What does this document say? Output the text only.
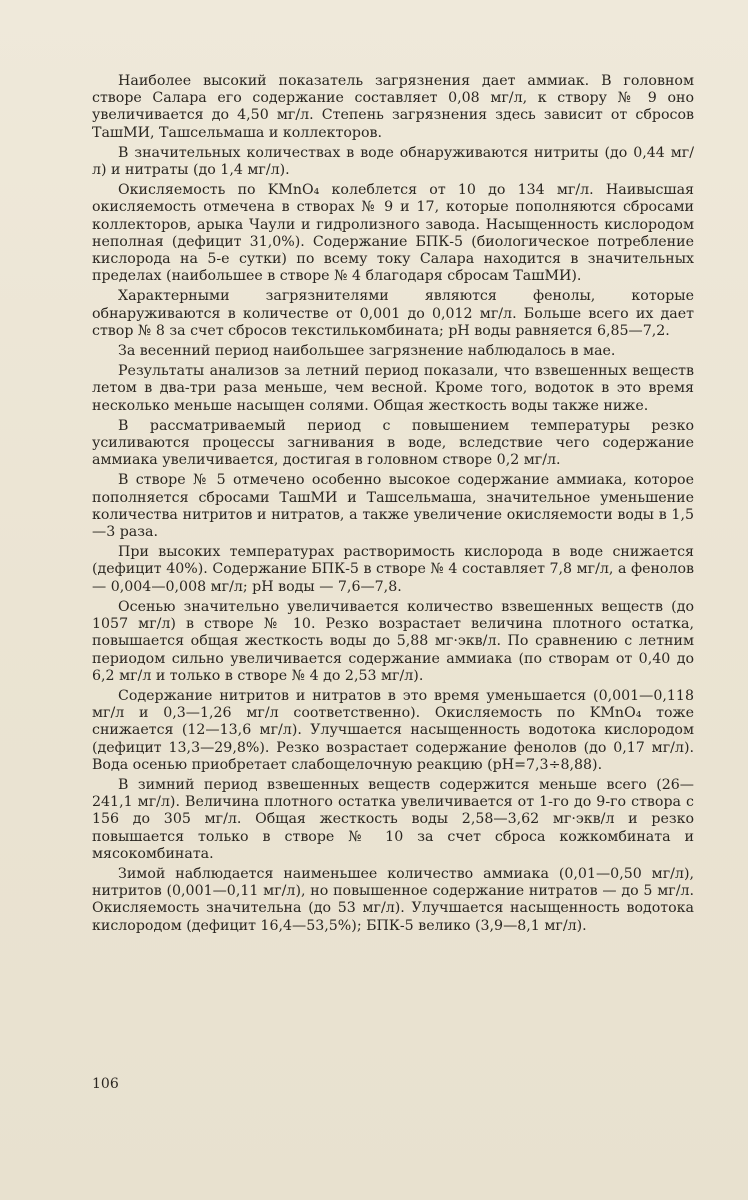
Наиболее высокий показатель загрязнения дает аммиак. В головном створе Салара его содержание составляет 0,08 мг/л, к створу № 9 оно увеличивается до 4,50 мг/л. Степень загрязнения здесь зависит от сбросов ТашМИ, Ташсельмаша и коллекторов.

В значительных количествах в воде обнаруживаются нитриты (до 0,44 мг/л) и нитраты (до 1,4 мг/л).

Окисляемость по KMnO₄ колеблется от 10 до 134 мг/л. Наивысшая окисляемость отмечена в створах № 9 и 17, которые пополняются сбросами коллекторов, арыка Чаули и гидролизного завода. Насыщенность кислородом неполная (дефицит 31,0%). Содержание БПК-5 (биологическое потребление кислорода на 5-е сутки) по всему току Салара находится в значительных пределах (наибольшее в створе № 4 благодаря сбросам ТашМИ).

Характерными загрязнителями являются фенолы, которые обнаруживаются в количестве от 0,001 до 0,012 мг/л. Больше всего их дает створ № 8 за счет сбросов текстилькомбината; pH воды равняется 6,85—7,2.

За весенний период наибольшее загрязнение наблюдалось в мае.

Результаты анализов за летний период показали, что взвешенных веществ летом в два-три раза меньше, чем весной. Кроме того, водоток в это время несколько меньше насыщен солями. Общая жесткость воды также ниже.

В рассматриваемый период с повышением температуры резко усиливаются процессы загнивания в воде, вследствие чего содержание аммиака увеличивается, достигая в головном створе 0,2 мг/л.

В створе № 5 отмечено особенно высокое содержание аммиака, которое пополняется сбросами ТашМИ и Ташсельмаша, значительное уменьшение количества нитритов и нитратов, а также увеличение окисляемости воды в 1,5—3 раза.

При высоких температурах растворимость кислорода в воде снижается (дефицит 40%). Содержание БПК-5 в створе № 4 составляет 7,8 мг/л, а фенолов — 0,004—0,008 мг/л; pH воды — 7,6—7,8.

Осенью значительно увеличивается количество взвешенных веществ (до 1057 мг/л) в створе № 10. Резко возрастает величина плотного остатка, повышается общая жесткость воды до 5,88 мг·экв/л. По сравнению с летним периодом сильно увеличивается содержание аммиака (по створам от 0,40 до 6,2 мг/л и только в створе № 4 до 2,53 мг/л).

Содержание нитритов и нитратов в это время уменьшается (0,001—0,118 мг/л и 0,3—1,26 мг/л соответственно). Окисляемость по KMnO₄ тоже снижается (12—13,6 мг/л). Улучшается насыщенность водотока кислородом (дефицит 13,3—29,8%). Резко возрастает содержание фенолов (до 0,17 мг/л). Вода осенью приобретает слабощелочную реакцию (pH=7,3÷8,88).

В зимний период взвешенных веществ содержится меньше всего (26—241,1 мг/л). Величина плотного остатка увеличивается от 1-го до 9-го створа с 156 до 305 мг/л. Общая жесткость воды 2,58—3,62 мг·экв/л и резко повышается только в створе № 10 за счет сброса кожкомбината и мясокомбината.

Зимой наблюдается наименьшее количество аммиака (0,01—0,50 мг/л), нитритов (0,001—0,11 мг/л), но повышенное содержание нитратов — до 5 мг/л. Окисляемость значительна (до 53 мг/л). Улучшается насыщенность водотока кислородом (дефицит 16,4—53,5%); БПК-5 велико (3,9—8,1 мг/л).

106
